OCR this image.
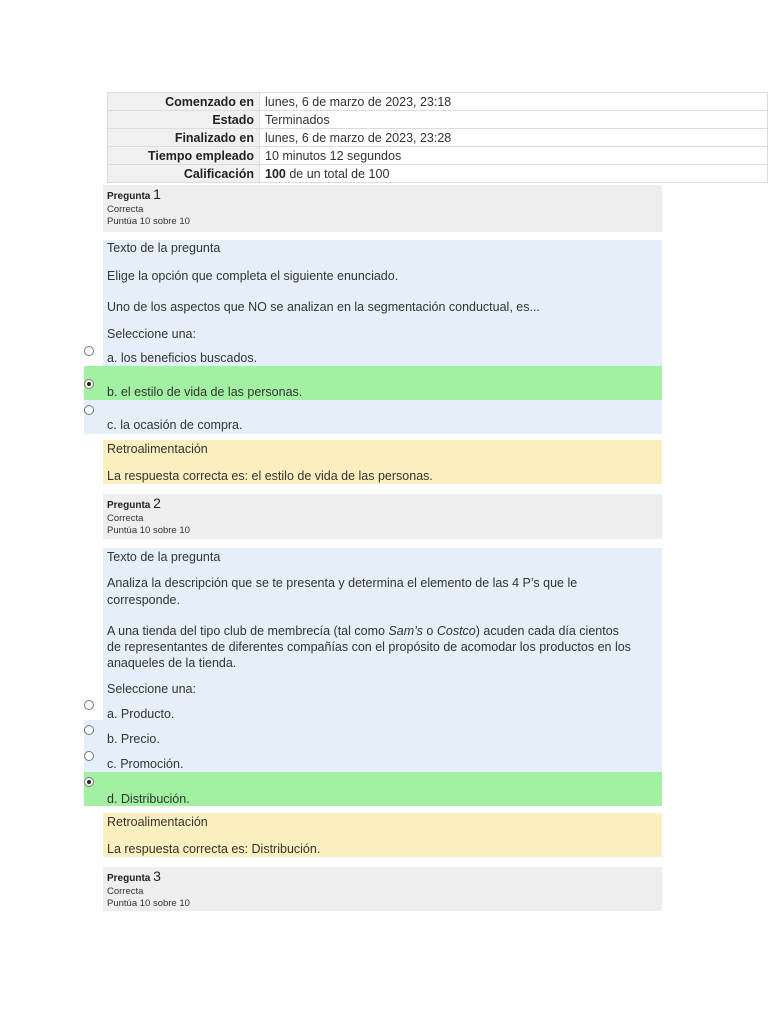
Comenzado en	lunes, 6 de marzo de 2023, 23:18
Estado	Terminados
Finalizado en	lunes, 6 de marzo de 2023, 23:28
Tiempo empleado	10 minutos 12 segundos
Calificación	100 de un total de 100
Pregunta 1
Correcta
Puntúa 10 sobre 10

Texto de la pregunta

Elige la opción que completa el siguiente enunciado.

Uno de los aspectos que NO se analizan en la segmentación conductual, es...

Seleccione una:

a. los beneficios buscados.

b. el estilo de vida de las personas.

c. la ocasión de compra.

Retroalimentación

La respuesta correcta es: el estilo de vida de las personas.

Pregunta 2
Correcta
Puntúa 10 sobre 10

Texto de la pregunta

Analiza la descripción que se te presenta y determina el elemento de las 4 P’s que le

corresponde.

A una tienda del tipo club de membrecía (tal como Sam’s o Costco) acuden cada día cientos

de representantes de diferentes compañías con el propósito de acomodar los productos en los

anaqueles de la tienda.

Seleccione una:

a. Producto.

b. Precio.

c. Promoción.

d. Distribución.

Retroalimentación

La respuesta correcta es: Distribución.

Pregunta 3
Correcta
Puntúa 10 sobre 10
